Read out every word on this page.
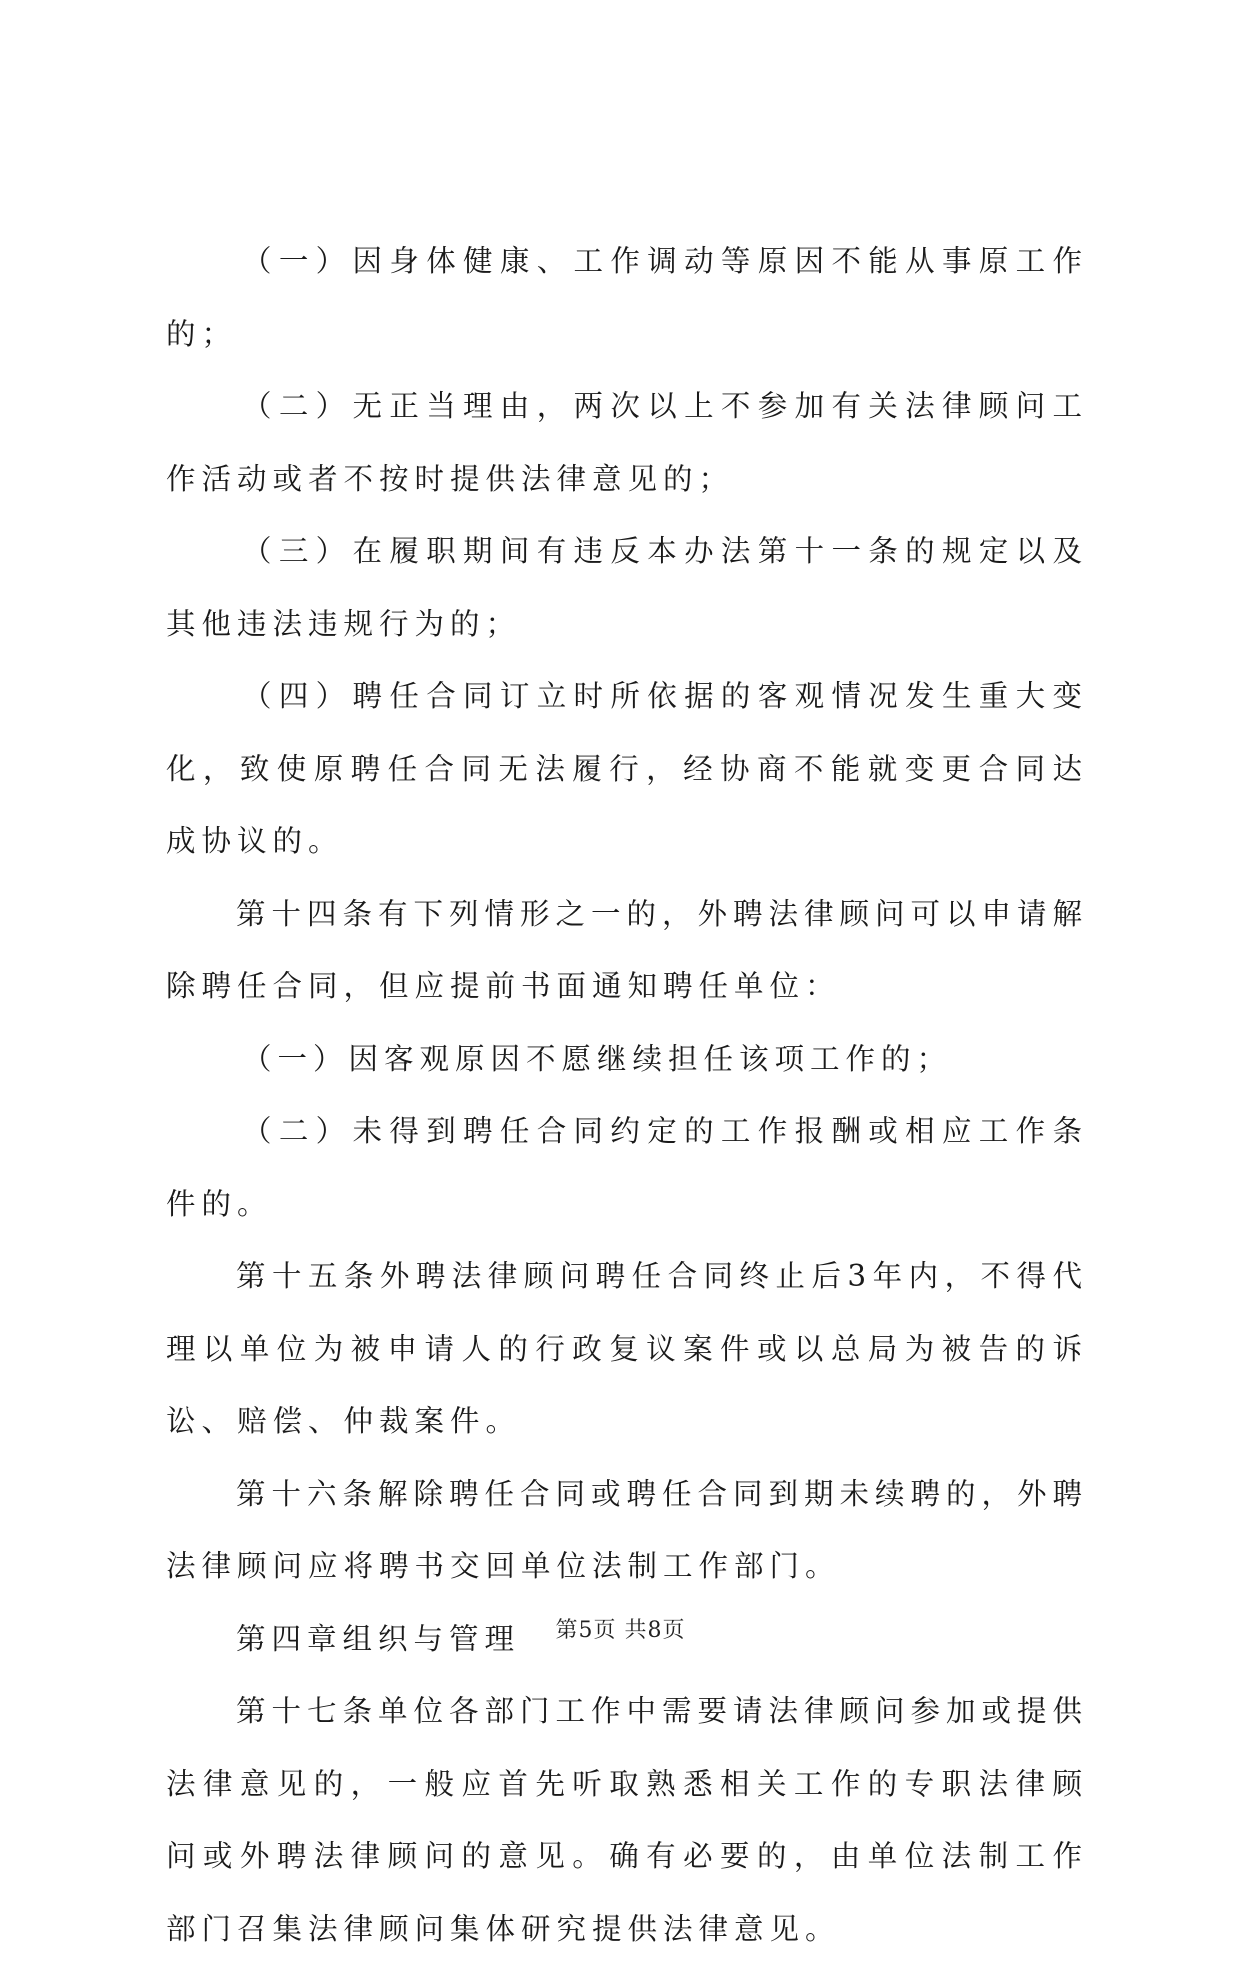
（一）因身体健康、工作调动等原因不能从事原工作的；

（二）无正当理由，两次以上不参加有关法律顾问工作活动或者不按时提供法律意见的；

（三）在履职期间有违反本办法第十一条的规定以及其他违法违规行为的；

（四）聘任合同订立时所依据的客观情况发生重大变化，致使原聘任合同无法履行，经协商不能就变更合同达成协议的。

第十四条有下列情形之一的，外聘法律顾问可以申请解除聘任合同，但应提前书面通知聘任单位：

（一）因客观原因不愿继续担任该项工作的；

（二）未得到聘任合同约定的工作报酬或相应工作条件的。

第十五条外聘法律顾问聘任合同终止后3年内，不得代理以单位为被申请人的行政复议案件或以总局为被告的诉讼、赔偿、仲裁案件。

第十六条解除聘任合同或聘任合同到期未续聘的，外聘法律顾问应将聘书交回单位法制工作部门。

第四章组织与管理

第十七条单位各部门工作中需要请法律顾问参加或提供法律意见的，一般应首先听取熟悉相关工作的专职法律顾问或外聘法律顾问的意见。确有必要的，由单位法制工作部门召集法律顾问集体研究提供法律意见。

第5页 共8页
